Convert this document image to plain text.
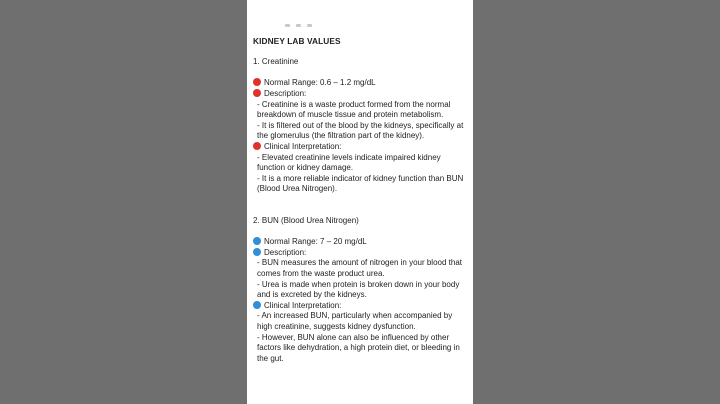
KIDNEY LAB VALUES
1. Creatinine
Normal Range: 0.6 – 1.2 mg/dL
Description:
- Creatinine is a waste product formed from the normal breakdown of muscle tissue and protein metabolism.
- It is filtered out of the blood by the kidneys, specifically at the glomerulus (the filtration part of the kidney).
Clinical Interpretation:
- Elevated creatinine levels indicate impaired kidney function or kidney damage.
- It is a more reliable indicator of kidney function than BUN (Blood Urea Nitrogen).
2. BUN (Blood Urea Nitrogen)
Normal Range: 7 – 20 mg/dL
Description:
- BUN measures the amount of nitrogen in your blood that comes from the waste product urea.
- Urea is made when protein is broken down in your body and is excreted by the kidneys.
Clinical Interpretation:
- An increased BUN, particularly when accompanied by high creatinine, suggests kidney dysfunction.
- However, BUN alone can also be influenced by other factors like dehydration, a high protein diet, or bleeding in the gut.
